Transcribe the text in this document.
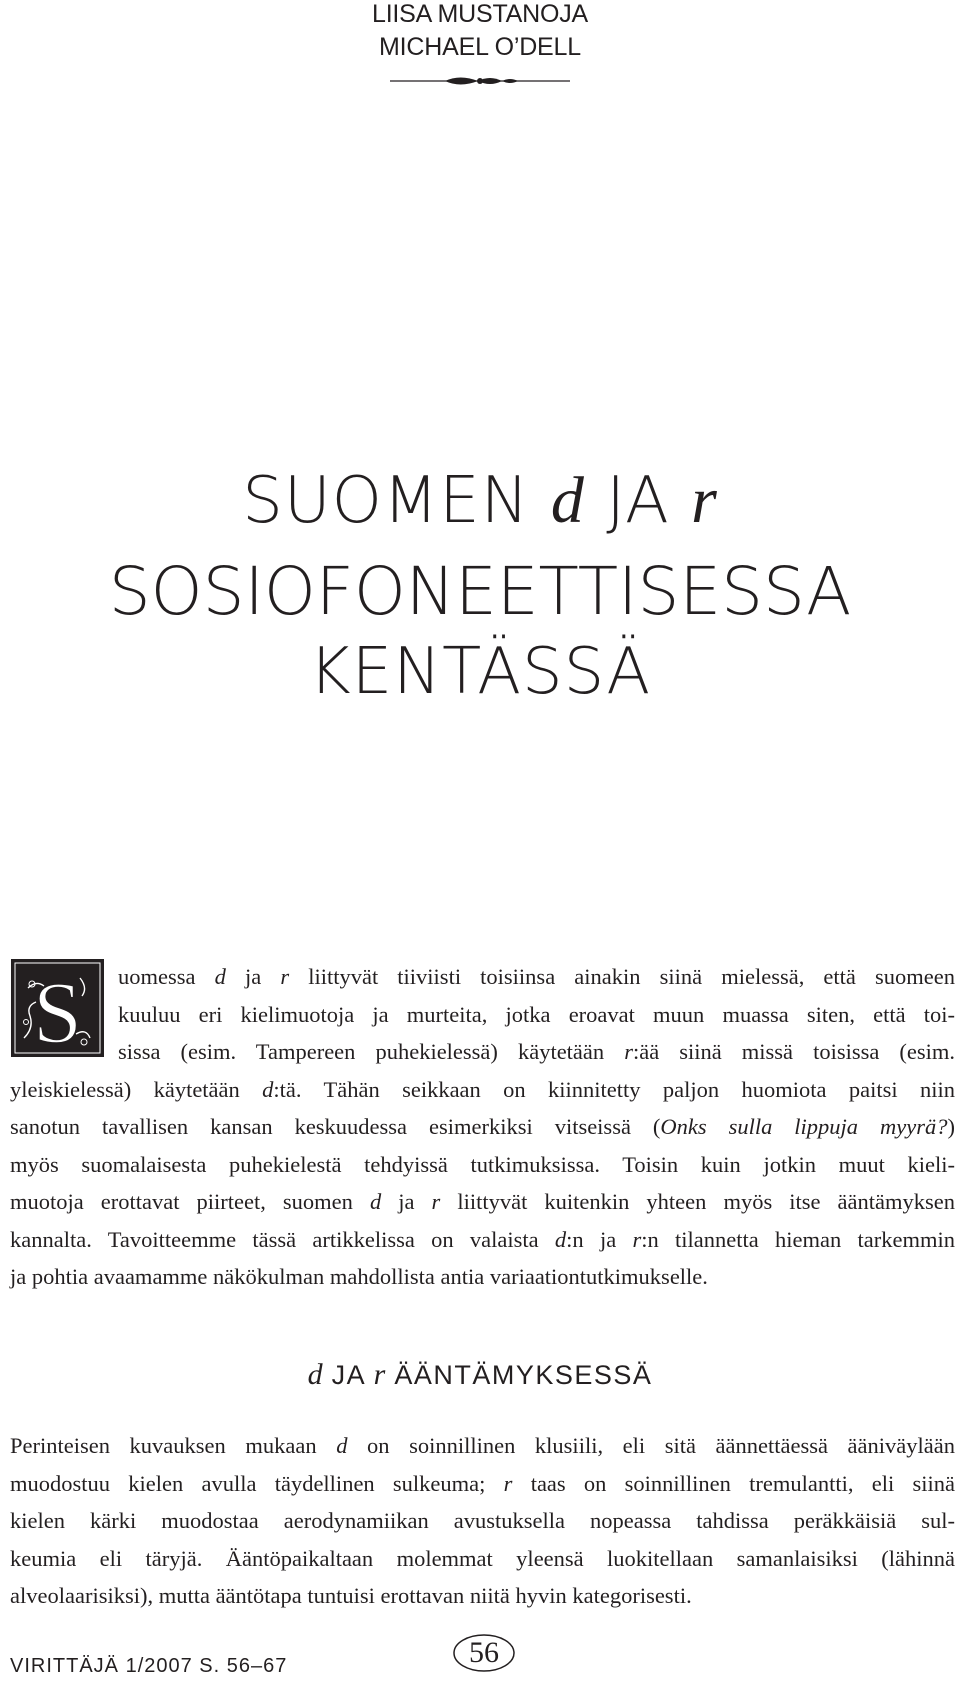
LIISA MUSTANOJA
MICHAEL O’DELL
SUOMEN d JA r
SOSIOFONEETTISESSA
KENTÄSSÄ
S	uomessa d ja r liittyvät tiiviisti toisiinsa ainakin siinä mielessä, että suomeen
kuuluu eri kielimuotoja ja murteita, jotka eroavat muun muassa siten, että toi-
sissa (esim. Tampereen puhekielessä) käytetään r:ää siinä missä toisissa (esim.
yleiskielessä) käytetään d:tä. Tähän seikkaan on kiinnitetty paljon huomiota paitsi niin
sanotun tavallisen kansan keskuudessa esimerkiksi vitseissä (Onks sulla lippuja myyrä?)
myös suomalaisesta puhekielestä tehdyissä tutkimuksissa. Toisin kuin jotkin muut kieli-
muotoja erottavat piirteet, suomen d ja r liittyvät kuitenkin yhteen myös itse ääntämyksen
kannalta. Tavoitteemme tässä artikkelissa on valaista d:n ja r:n tilannetta hieman tarkemmin
ja pohtia avaamamme näkökulman mahdollista antia variaationtutkimukselle.
d JA r ÄÄNTÄMYKSESSÄ
Perinteisen kuvauksen mukaan d on soinnillinen klusiili, eli sitä äännettäessä ääniväylään
muodostuu kielen avulla täydellinen sulkeuma; r taas on soinnillinen tremulantti, eli siinä
kielen kärki muodostaa aerodynamiikan avustuksella nopeassa tahdissa peräkkäisiä sul-
keumia eli täryjä. Ääntöpaikaltaan molemmat yleensä luokitellaan samanlaisiksi (lähinnä
alveolaarisiksi), mutta ääntötapa tuntuisi erottavan niitä hyvin kategorisesti.
VIRITTÄJÄ 1/2007 S. 56–67	56
